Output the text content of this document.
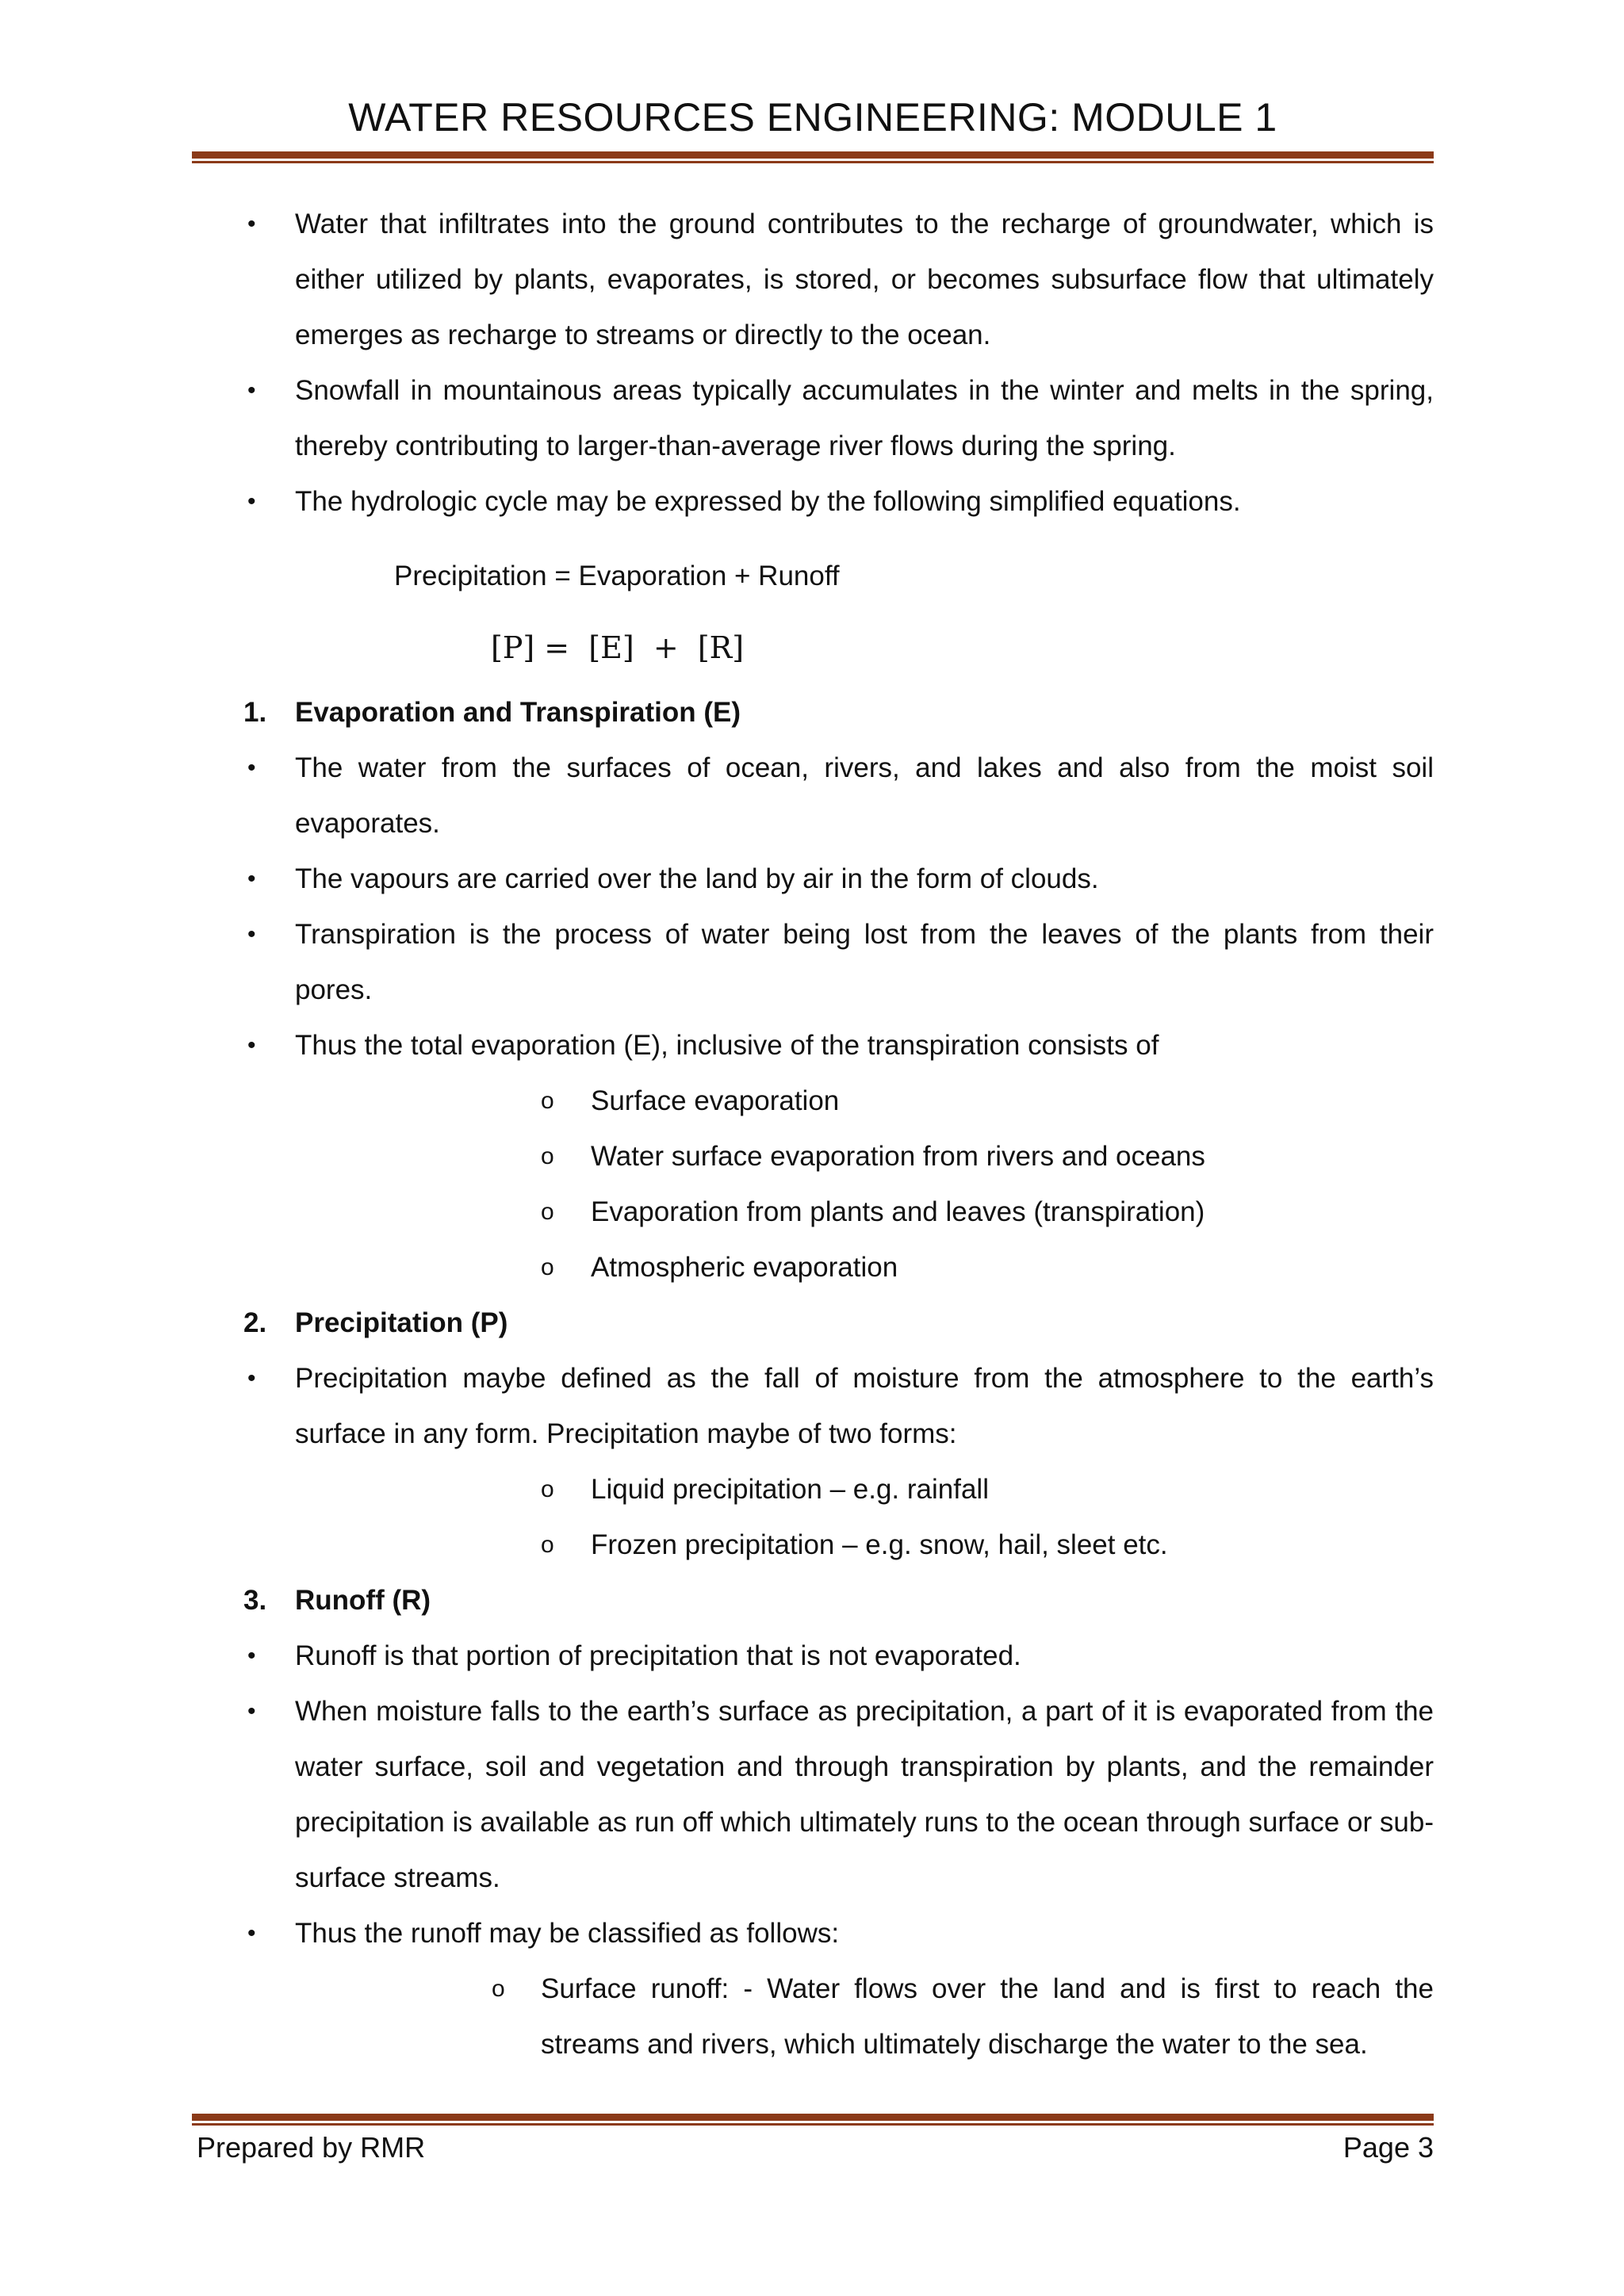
WATER RESOURCES ENGINEERING: MODULE 1
•	Water that infiltrates into the ground contributes to the recharge of groundwater, which is either utilized by plants, evaporates, is stored, or becomes subsurface flow that ultimately emerges as recharge to streams or directly to the ocean.
•	Snowfall in mountainous areas typically accumulates in the winter and melts in the spring, thereby contributing to larger-than-average river flows during the spring.
•	The hydrologic cycle may be expressed by the following simplified equations.
Precipitation = Evaporation + Runoff
[P] =  [E]  +  [R]
1. Evaporation and Transpiration (E)
•	The water from the surfaces of ocean, rivers, and lakes and also from the moist soil evaporates.
•	The vapours are carried over the land by air in the form of clouds.
•	Transpiration is the process of water being lost from the leaves of the plants from their pores.
•	Thus the total evaporation (E), inclusive of the transpiration consists of
o Surface evaporation
o Water surface evaporation from rivers and oceans
o Evaporation from plants and leaves (transpiration)
o Atmospheric evaporation
2. Precipitation (P)
•	Precipitation maybe defined as the fall of moisture from the atmosphere to the earth’s surface in any form. Precipitation maybe of two forms:
o Liquid precipitation – e.g. rainfall
o Frozen precipitation – e.g. snow, hail, sleet etc.
3. Runoff (R)
•	Runoff is that portion of precipitation that is not evaporated.
•	When moisture falls to the earth’s surface as precipitation, a part of it is evaporated from the water surface, soil and vegetation and through transpiration by plants, and the remainder precipitation is available as run off which ultimately runs to the ocean through surface or sub-surface streams.
•	Thus the runoff may be classified as follows:
o Surface runoff: - Water flows over the land and is first to reach the streams and rivers, which ultimately discharge the water to the sea.
Prepared by RMR	Page 3
